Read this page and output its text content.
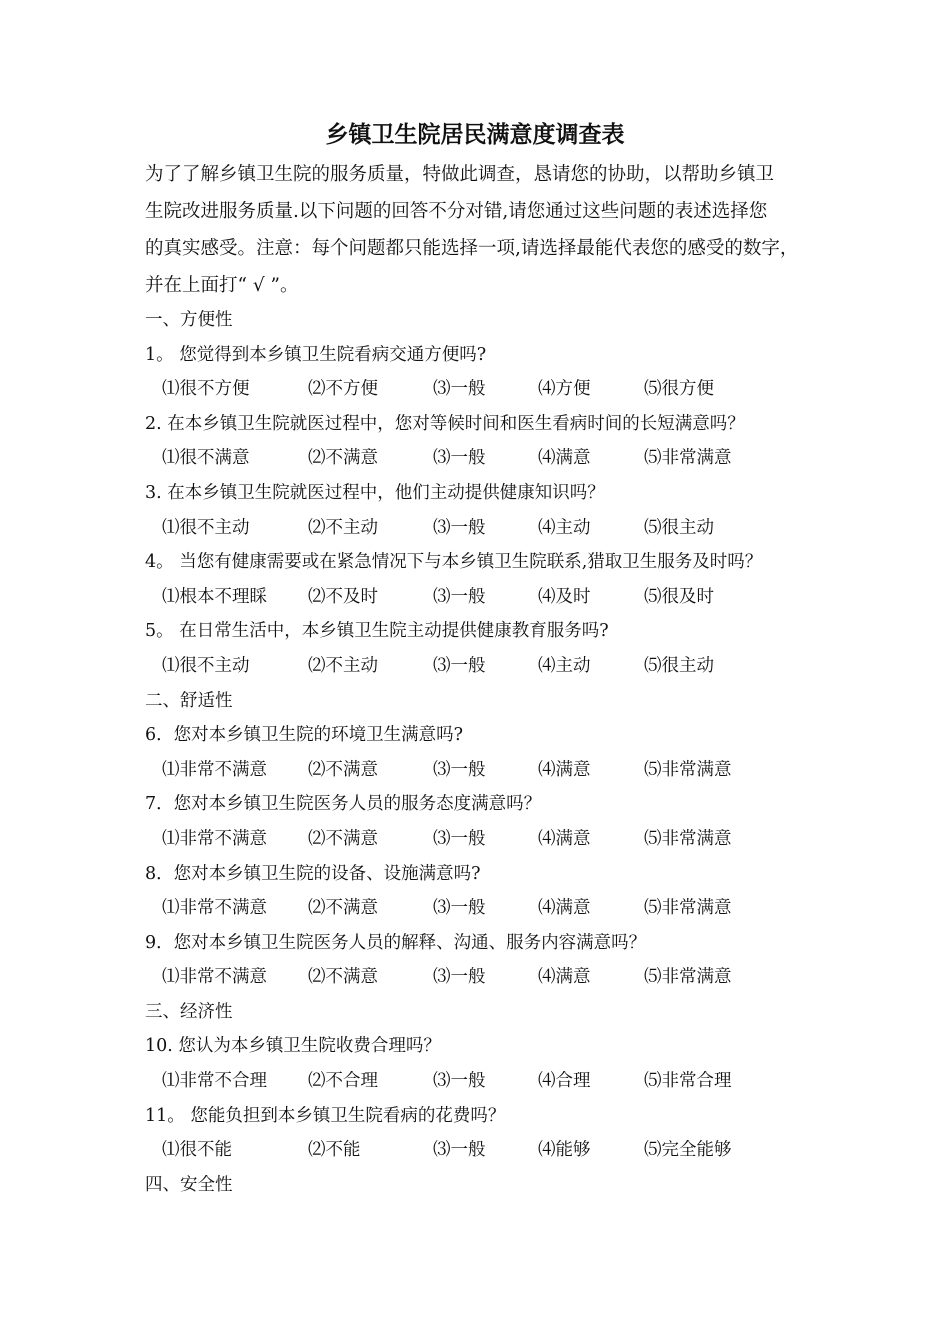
乡镇卫生院居民满意度调查表
为了了解乡镇卫生院的服务质量，特做此调查，恳请您的协助，以帮助乡镇卫
生院改进服务质量.以下问题的回答不分对错,请您通过这些问题的表述选择您
的真实感受。注意：每个问题都只能选择一项,请选择最能代表您的感受的数字，
并在上面打“ √ ”。
一、方便性
1。 您觉得到本乡镇卫生院看病交通方便吗?
⑴很不方便	⑵不方便	⑶一般	⑷方便	⑸很方便
2. 在本乡镇卫生院就医过程中，您对等候时间和医生看病时间的长短满意吗？
⑴很不满意	⑵不满意	⑶一般	⑷满意	⑸非常满意
3. 在本乡镇卫生院就医过程中，他们主动提供健康知识吗？
⑴很不主动	⑵不主动	⑶一般	⑷主动	⑸很主动
4。 当您有健康需要或在紧急情况下与本乡镇卫生院联系,猎取卫生服务及时吗？
⑴根本不理睬 ⑵不及时	⑶一般	⑷及时	⑸很及时
5。 在日常生活中，本乡镇卫生院主动提供健康教育服务吗?
⑴很不主动	⑵不主动	⑶一般	⑷主动	⑸很主动
二、舒适性
6．您对本乡镇卫生院的环境卫生满意吗?
⑴非常不满意 ⑵不满意	⑶一般	⑷满意	⑸非常满意
7．您对本乡镇卫生院医务人员的服务态度满意吗？
⑴非常不满意 ⑵不满意	⑶一般	⑷满意	⑸非常满意
8．您对本乡镇卫生院的设备、设施满意吗?
⑴非常不满意 ⑵不满意	⑶一般	⑷满意	⑸非常满意
9．您对本乡镇卫生院医务人员的解释、沟通、服务内容满意吗？
⑴非常不满意 ⑵不满意	⑶一般	⑷满意	⑸非常满意
三、经济性
10. 您认为本乡镇卫生院收费合理吗？
⑴非常不合理 ⑵不合理	⑶一般	⑷合理	⑸非常合理
11。 您能负担到本乡镇卫生院看病的花费吗？
⑴很不能	⑵不能	⑶一般	⑷能够	⑸完全能够
四、安全性
